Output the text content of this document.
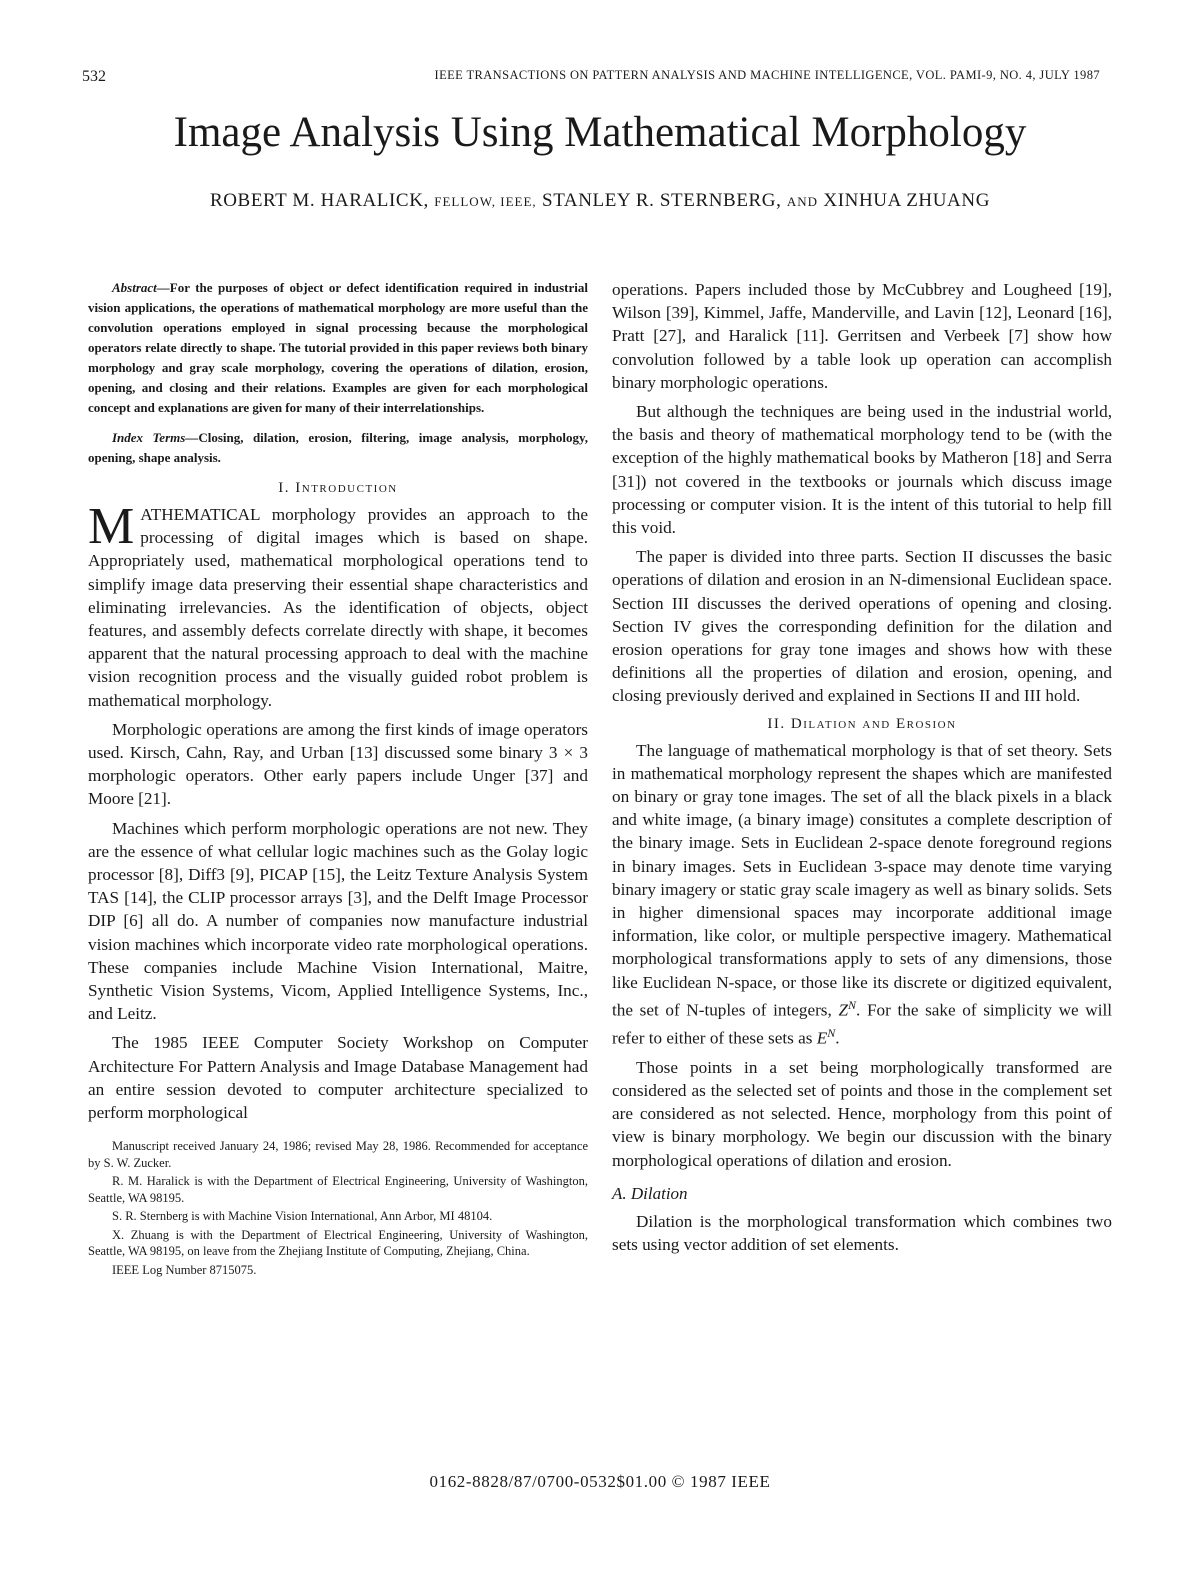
532	IEEE TRANSACTIONS ON PATTERN ANALYSIS AND MACHINE INTELLIGENCE, VOL. PAMI-9, NO. 4, JULY 1987
Image Analysis Using Mathematical Morphology
ROBERT M. HARALICK, FELLOW, IEEE, STANLEY R. STERNBERG, AND XINHUA ZHUANG

Abstract—For the purposes of object or defect identification required in industrial vision applications, the operations of mathematical morphology are more useful than the convolution operations employed in signal processing because the morphological operators relate directly to shape. The tutorial provided in this paper reviews both binary morphology and gray scale morphology, covering the operations of dilation, erosion, opening, and closing and their relations. Examples are given for each morphological concept and explanations are given for many of their interrelationships.

Index Terms—Closing, dilation, erosion, filtering, image analysis, morphology, opening, shape analysis.

I. Introduction

MATHEMATICAL morphology provides an approach to the processing of digital images which is based on shape. Appropriately used, mathematical morphological operations tend to simplify image data preserving their essential shape characteristics and eliminating irrelevancies. As the identification of objects, object features, and assembly defects correlate directly with shape, it becomes apparent that the natural processing approach to deal with the machine vision recognition process and the visually guided robot problem is mathematical morphology.

Morphologic operations are among the first kinds of image operators used. Kirsch, Cahn, Ray, and Urban [13] discussed some binary 3 × 3 morphologic operators. Other early papers include Unger [37] and Moore [21].

Machines which perform morphologic operations are not new. They are the essence of what cellular logic machines such as the Golay logic processor [8], Diff3 [9], PICAP [15], the Leitz Texture Analysis System TAS [14], the CLIP processor arrays [3], and the Delft Image Processor DIP [6] all do. A number of companies now manufacture industrial vision machines which incorporate video rate morphological operations. These companies include Machine Vision International, Maitre, Synthetic Vision Systems, Vicom, Applied Intelligence Systems, Inc., and Leitz.

The 1985 IEEE Computer Society Workshop on Computer Architecture For Pattern Analysis and Image Database Management had an entire session devoted to computer architecture specialized to perform morphological

Manuscript received January 24, 1986; revised May 28, 1986. Recommended for acceptance by S. W. Zucker.

R. M. Haralick is with the Department of Electrical Engineering, University of Washington, Seattle, WA 98195.

S. R. Sternberg is with Machine Vision International, Ann Arbor, MI 48104.

X. Zhuang is with the Department of Electrical Engineering, University of Washington, Seattle, WA 98195, on leave from the Zhejiang Institute of Computing, Zhejiang, China.

IEEE Log Number 8715075.

operations. Papers included those by McCubbrey and Lougheed [19], Wilson [39], Kimmel, Jaffe, Manderville, and Lavin [12], Leonard [16], Pratt [27], and Haralick [11]. Gerritsen and Verbeek [7] show how convolution followed by a table look up operation can accomplish binary morphologic operations.

But although the techniques are being used in the industrial world, the basis and theory of mathematical morphology tend to be (with the exception of the highly mathematical books by Matheron [18] and Serra [31]) not covered in the textbooks or journals which discuss image processing or computer vision. It is the intent of this tutorial to help fill this void.

The paper is divided into three parts. Section II discusses the basic operations of dilation and erosion in an N-dimensional Euclidean space. Section III discusses the derived operations of opening and closing. Section IV gives the corresponding definition for the dilation and erosion operations for gray tone images and shows how with these definitions all the properties of dilation and erosion, opening, and closing previously derived and explained in Sections II and III hold.

II. Dilation and Erosion

The language of mathematical morphology is that of set theory. Sets in mathematical morphology represent the shapes which are manifested on binary or gray tone images. The set of all the black pixels in a black and white image, (a binary image) consitutes a complete description of the binary image. Sets in Euclidean 2-space denote foreground regions in binary images. Sets in Euclidean 3-space may denote time varying binary imagery or static gray scale imagery as well as binary solids. Sets in higher dimensional spaces may incorporate additional image information, like color, or multiple perspective imagery. Mathematical morphological transformations apply to sets of any dimensions, those like Euclidean N-space, or those like its discrete or digitized equivalent, the set of N-tuples of integers, $Z^N$. For the sake of simplicity we will refer to either of these sets as $E^N$.

Those points in a set being morphologically transformed are considered as the selected set of points and those in the complement set are considered as not selected. Hence, morphology from this point of view is binary morphology. We begin our discussion with the binary morphological operations of dilation and erosion.

A. Dilation

Dilation is the morphological transformation which combines two sets using vector addition of set elements.

0162-8828/87/0700-0532$01.00 © 1987 IEEE
